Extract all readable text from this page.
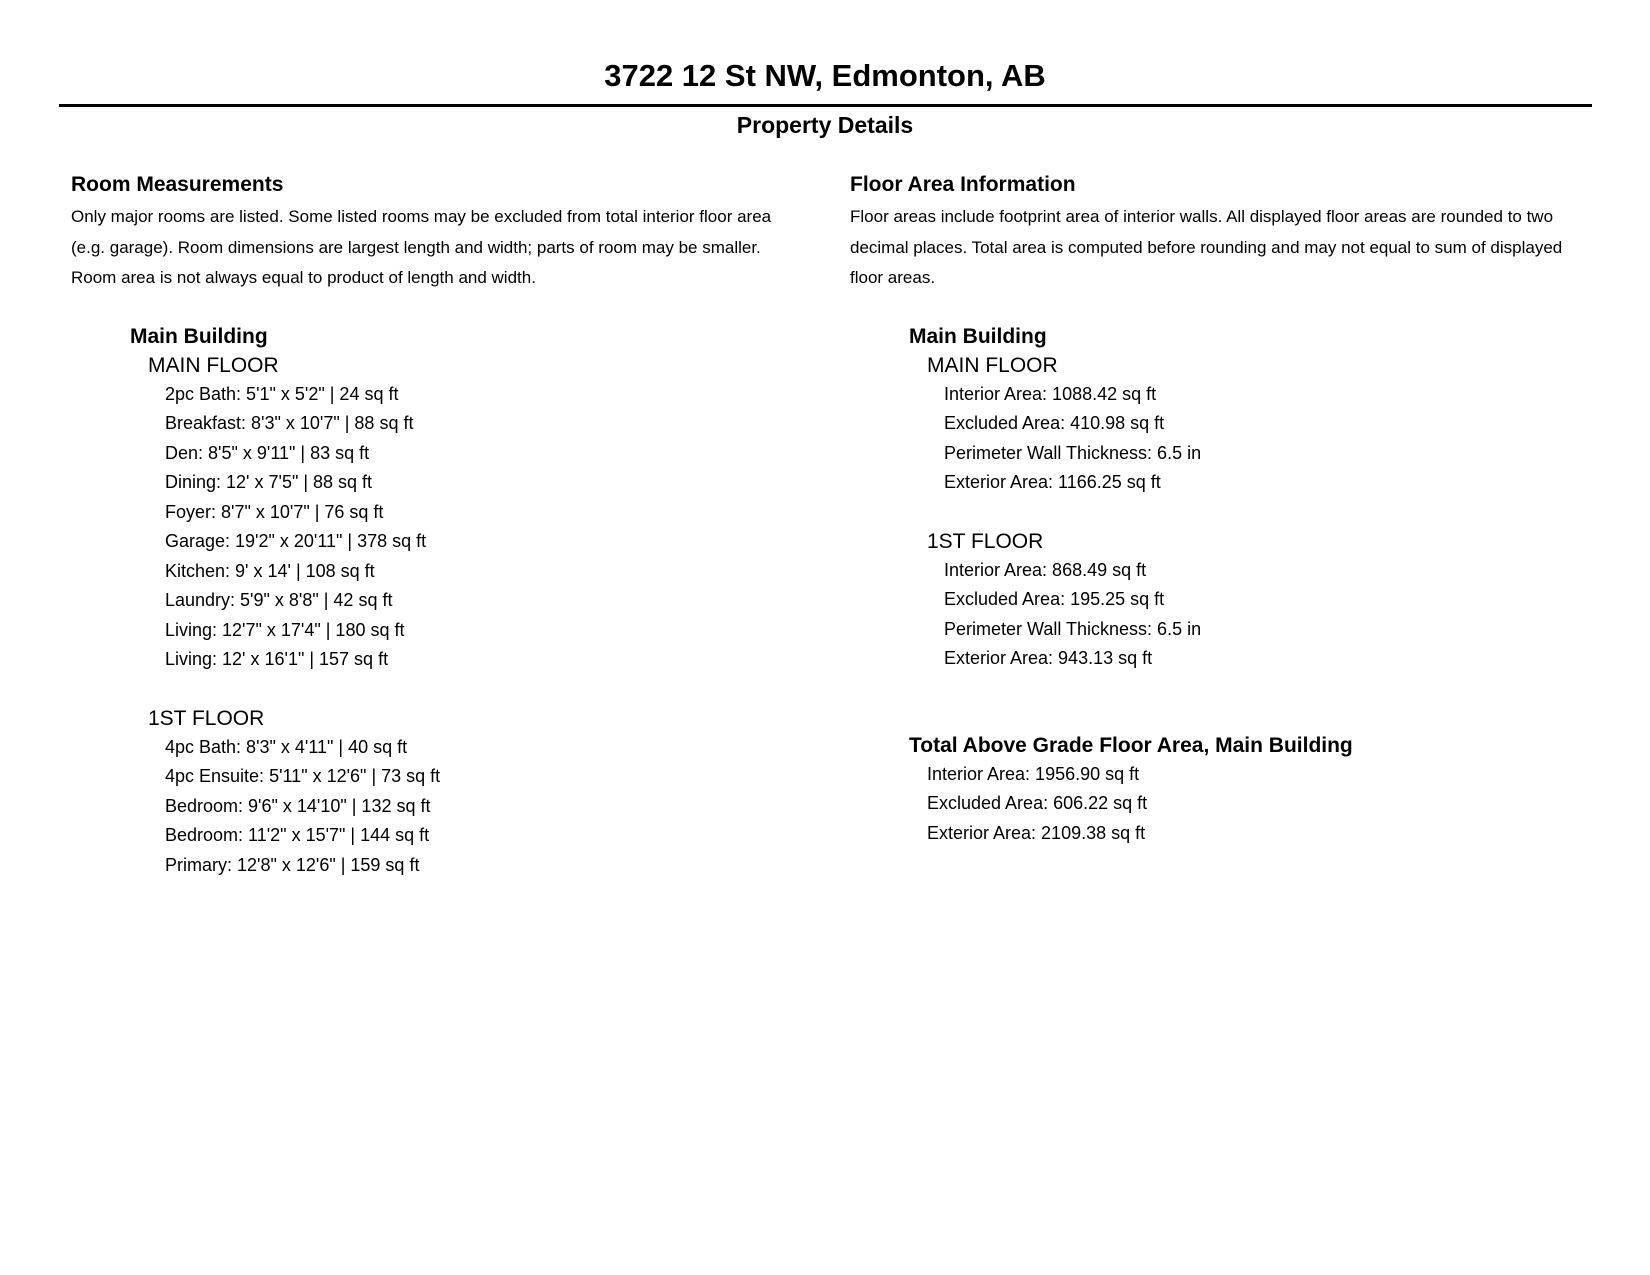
3722 12 St NW, Edmonton, AB
Property Details
Room Measurements
Only major rooms are listed. Some listed rooms may be excluded from total interior floor area
(e.g. garage). Room dimensions are largest length and width; parts of room may be smaller.
Room area is not always equal to product of length and width.
Main Building
MAIN FLOOR
2pc Bath: 5'1" x 5'2" | 24 sq ft
Breakfast: 8'3" x 10'7" | 88 sq ft
Den: 8'5" x 9'11" | 83 sq ft
Dining: 12' x 7'5" | 88 sq ft
Foyer: 8'7" x 10'7" | 76 sq ft
Garage: 19'2" x 20'11" | 378 sq ft
Kitchen: 9' x 14' | 108 sq ft
Laundry: 5'9" x 8'8" | 42 sq ft
Living: 12'7" x 17'4" | 180 sq ft
Living: 12' x 16'1" | 157 sq ft
1ST FLOOR
4pc Bath: 8'3" x 4'11" | 40 sq ft
4pc Ensuite: 5'11" x 12'6" | 73 sq ft
Bedroom: 9'6" x 14'10" | 132 sq ft
Bedroom: 11'2" x 15'7" | 144 sq ft
Primary: 12'8" x 12'6" | 159 sq ft
Floor Area Information
Floor areas include footprint area of interior walls. All displayed floor areas are rounded to two
decimal places. Total area is computed before rounding and may not equal to sum of displayed
floor areas.
Main Building
MAIN FLOOR
Interior Area: 1088.42 sq ft
Excluded Area: 410.98 sq ft
Perimeter Wall Thickness: 6.5 in
Exterior Area: 1166.25 sq ft
1ST FLOOR
Interior Area: 868.49 sq ft
Excluded Area: 195.25 sq ft
Perimeter Wall Thickness: 6.5 in
Exterior Area: 943.13 sq ft
Total Above Grade Floor Area, Main Building
Interior Area: 1956.90 sq ft
Excluded Area: 606.22 sq ft
Exterior Area: 2109.38 sq ft
